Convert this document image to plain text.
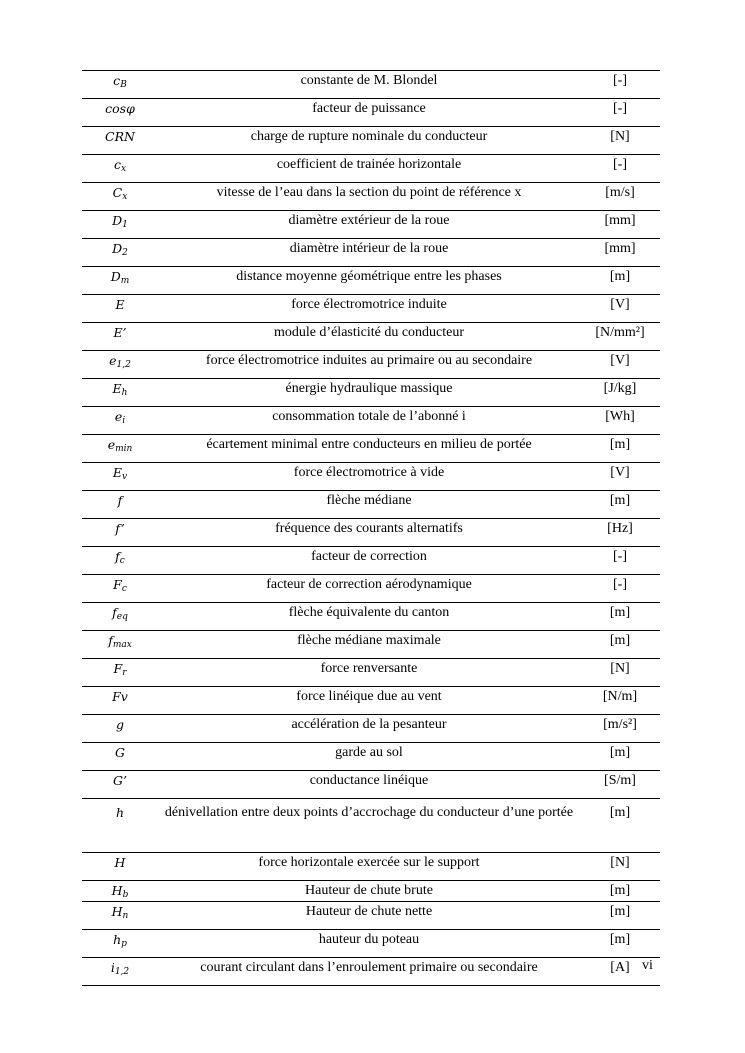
$c_B$	constante de M. Blondel	[-]
cosφ	facteur de puissance	[-]
CRN	charge de rupture nominale du conducteur	[N]
$c_x$	coefficient de trainée horizontale	[-]
$C_x$	vitesse de l’eau dans la section du point de référence x	[m/s]
$D_1$	diamètre extérieur de la roue	[mm]
$D_2$	diamètre intérieur de la roue	[mm]
$D_m$	distance moyenne géométrique entre les phases	[m]
E	force électromotrice induite	[V]
E’	module d’élasticité du conducteur	[N/mm²]
$e_{1,2}$	force électromotrice induites au primaire ou au secondaire	[V]
$E_h$	énergie hydraulique massique	[J/kg]
$e_i$	consommation totale de l’abonné i	[Wh]
$e_{min}$	écartement minimal entre conducteurs en milieu de portée	[m]
$E_v$	force électromotrice à vide	[V]
f	flèche médiane	[m]
f’	fréquence des courants alternatifs	[Hz]
$f_c$	facteur de correction	[-]
$F_c$	facteur de correction aérodynamique	[-]
$f_{eq}$	flèche équivalente du canton	[m]
$f_{max}$	flèche médiane maximale	[m]
$F_r$	force renversante	[N]
Fv	force linéique due au vent	[N/m]
g	accélération de la pesanteur	[m/s²]
G	garde au sol	[m]
G’	conductance linéique	[S/m]
h	dénivellation entre deux points d’accrochage du conducteur d’une portée	[m]
H	force horizontale exercée sur le support	[N]
$H_b$	Hauteur de chute brute	[m]
$H_n$	Hauteur de chute nette	[m]
$h_p$	hauteur du poteau	[m]
$i_{1,2}$	courant circulant dans l’enroulement primaire ou secondaire	[A] vi
